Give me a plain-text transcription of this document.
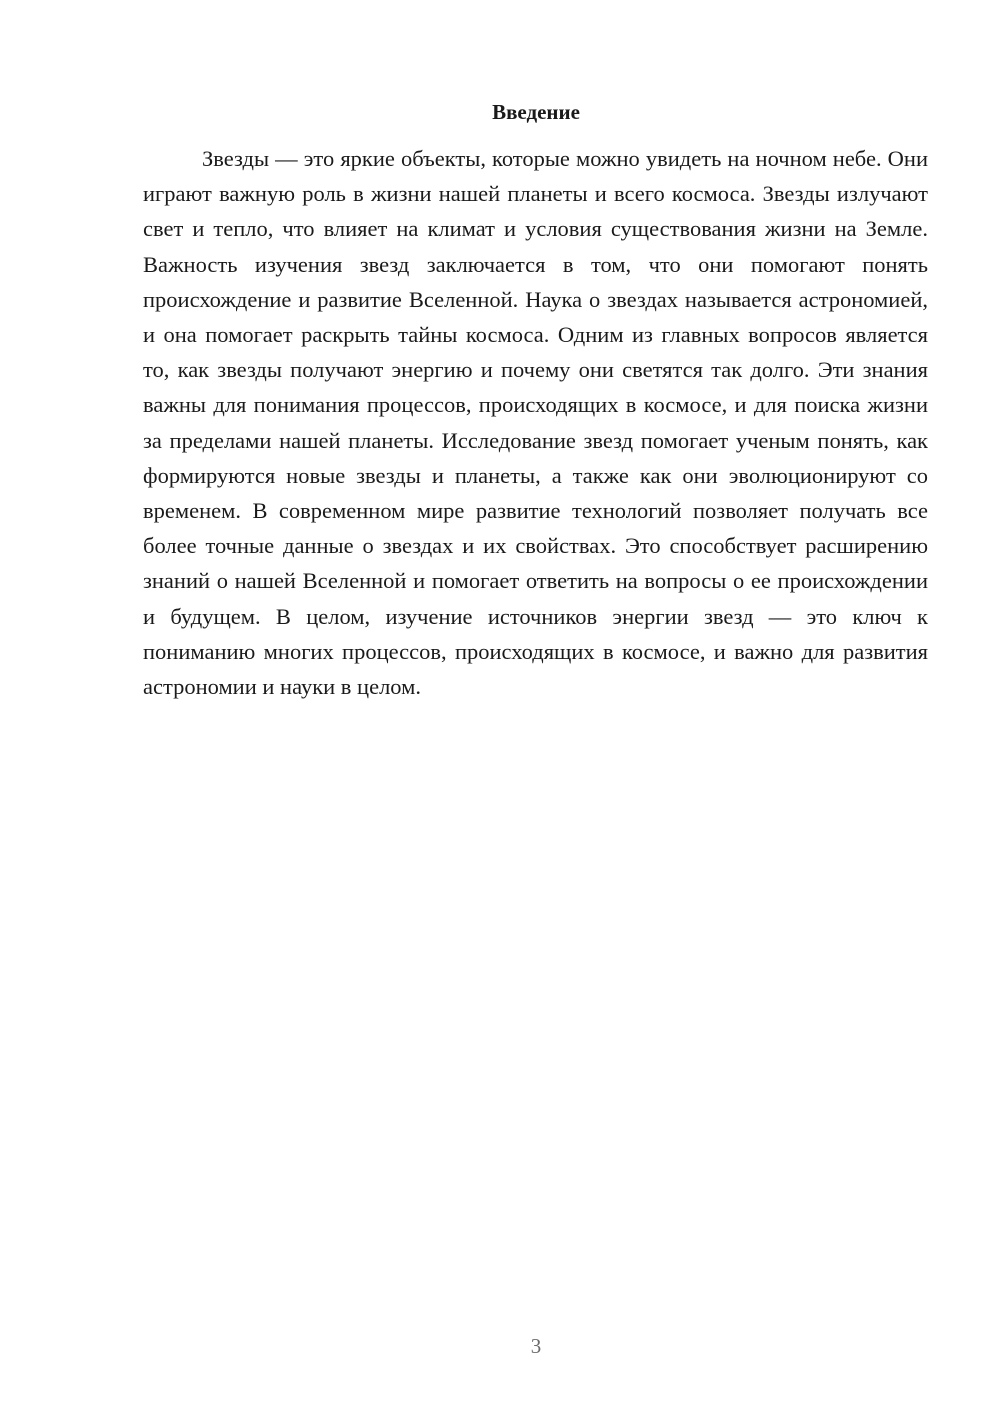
Введение

Звезды — это яркие объекты, которые можно увидеть на ночном небе. Они играют важную роль в жизни нашей планеты и всего космоса. Звезды излучают свет и тепло, что влияет на климат и условия существования жизни на Земле. Важность изучения звезд заключается в том, что они помогают понять происхождение и развитие Вселенной. Наука о звездах называется астрономией, и она помогает раскрыть тайны космоса. Одним из главных вопросов является то, как звезды получают энергию и почему они светятся так долго. Эти знания важны для понимания процессов, происходящих в космосе, и для поиска жизни за пределами нашей планеты. Исследование звезд помогает ученым понять, как формируются новые звезды и планеты, а также как они эволюционируют со временем. В современном мире развитие технологий позволяет получать все более точные данные о звездах и их свойствах. Это способствует расширению знаний о нашей Вселенной и помогает ответить на вопросы о ее происхождении и будущем. В целом, изучение источников энергии звезд — это ключ к пониманию многих процессов, происходящих в космосе, и важно для развития астрономии и науки в целом.

3
